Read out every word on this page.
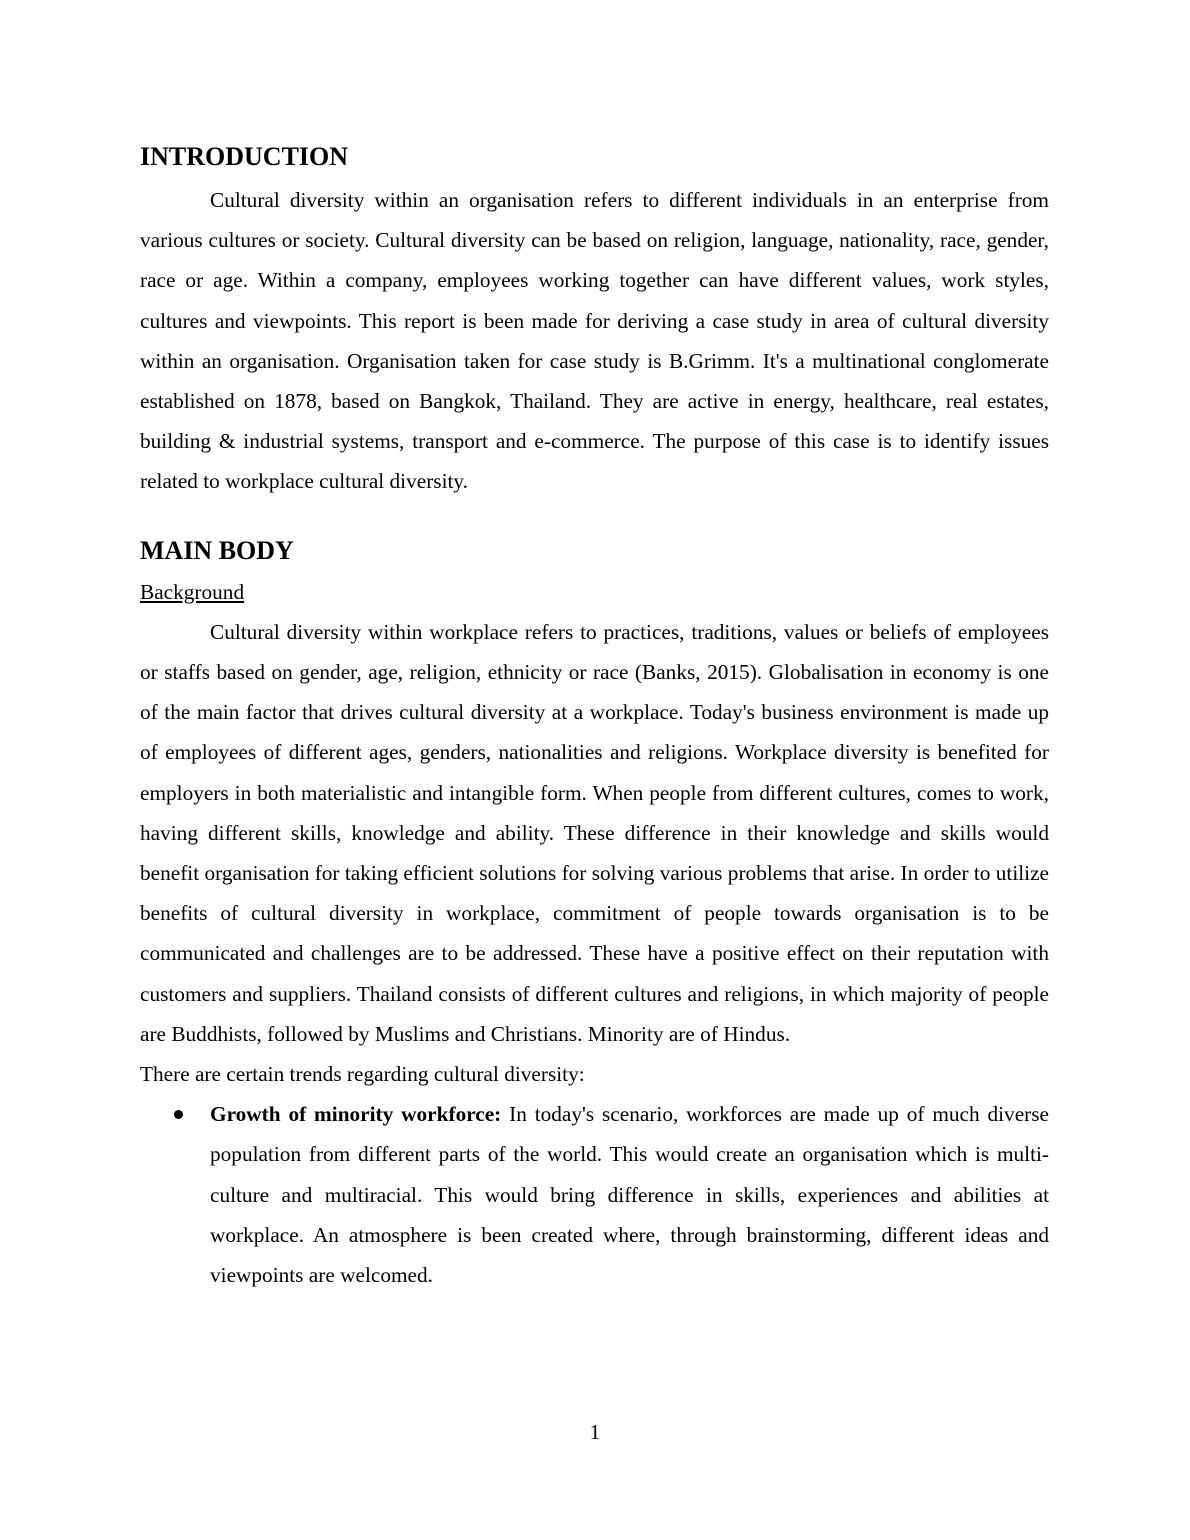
INTRODUCTION

Cultural diversity within an organisation refers to different individuals in an enterprise from various cultures or society. Cultural diversity can be based on religion, language, nationality, race, gender, race or age. Within a company, employees working together can have different values, work styles, cultures and viewpoints. This report is been made for deriving a case study in area of cultural diversity within an organisation. Organisation taken for case study is B.Grimm. It's a multinational conglomerate established on 1878, based on Bangkok, Thailand. They are active in energy, healthcare, real estates, building & industrial systems, transport and e-commerce. The purpose of this case is to identify issues related to workplace cultural diversity.

MAIN BODY
Background

Cultural diversity within workplace refers to practices, traditions, values or beliefs of employees or staffs based on gender, age, religion, ethnicity or race (Banks, 2015). Globalisation in economy is one of the main factor that drives cultural diversity at a workplace. Today's business environment is made up of employees of different ages, genders, nationalities and religions. Workplace diversity is benefited for employers in both materialistic and intangible form. When people from different cultures, comes to work, having different skills, knowledge and ability. These difference in their knowledge and skills would benefit organisation for taking efficient solutions for solving various problems that arise. In order to utilize benefits of cultural diversity in workplace, commitment of people towards organisation is to be communicated and challenges are to be addressed. These have a positive effect on their reputation with customers and suppliers. Thailand consists of different cultures and religions, in which majority of people are Buddhists, followed by Muslims and Christians. Minority are of Hindus.

There are certain trends regarding cultural diversity:

Growth of minority workforce: In today's scenario, workforces are made up of much diverse population from different parts of the world. This would create an organisation which is multi-culture and multiracial. This would bring difference in skills, experiences and abilities at workplace. An atmosphere is been created where, through brainstorming, different ideas and viewpoints are welcomed.
1
